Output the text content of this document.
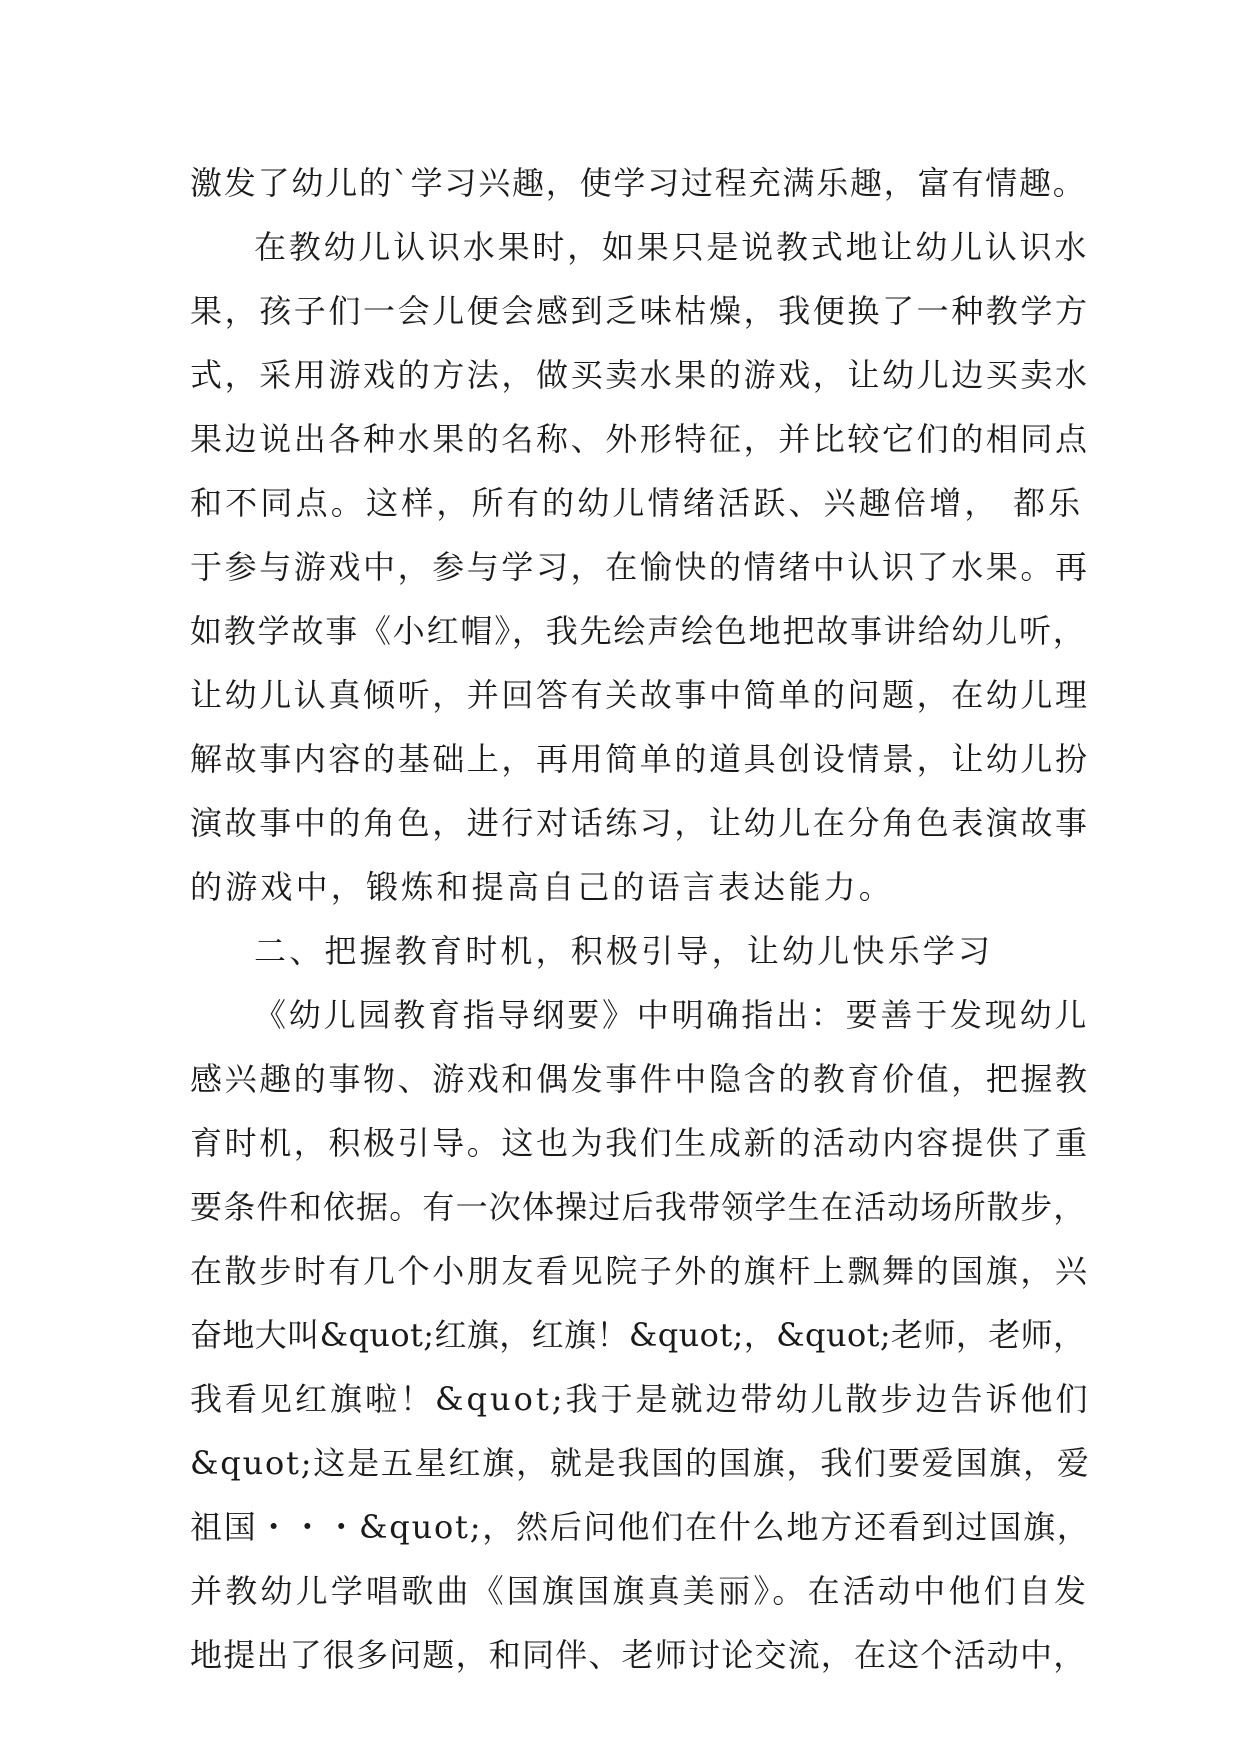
激发了幼儿的`学习兴趣，使学习过程充满乐趣，富有情趣。
在教幼儿认识水果时，如果只是说教式地让幼儿认识水
果，孩子们一会儿便会感到乏味枯燥，我便换了一种教学方
式，采用游戏的方法，做买卖水果的游戏，让幼儿边买卖水
果边说出各种水果的名称、外形特征，并比较它们的相同点
和不同点。这样，所有的幼儿情绪活跃、兴趣倍增， 都乐
于参与游戏中，参与学习，在愉快的情绪中认识了水果。再
如教学故事《小红帽》，我先绘声绘色地把故事讲给幼儿听，
让幼儿认真倾听，并回答有关故事中简单的问题，在幼儿理
解故事内容的基础上，再用简单的道具创设情景，让幼儿扮
演故事中的角色，进行对话练习，让幼儿在分角色表演故事
的游戏中，锻炼和提高自己的语言表达能力。
二、把握教育时机，积极引导，让幼儿快乐学习
《幼儿园教育指导纲要》中明确指出：要善于发现幼儿
感兴趣的事物、游戏和偶发事件中隐含的教育价值，把握教
育时机，积极引导。这也为我们生成新的活动内容提供了重
要条件和依据。有一次体操过后我带领学生在活动场所散步，
在散步时有几个小朋友看见院子外的旗杆上飘舞的国旗，兴
奋地大叫&quot;红旗，红旗！&quot;，&quot;老师，老师，
我看见红旗啦！&quot;我于是就边带幼儿散步边告诉他们
&quot;这是五星红旗，就是我国的国旗，我们要爱国旗，爱
祖国・・・&quot;，然后问他们在什么地方还看到过国旗，
并教幼儿学唱歌曲《国旗国旗真美丽》。在活动中他们自发
地提出了很多问题，和同伴、老师讨论交流，在这个活动中，
